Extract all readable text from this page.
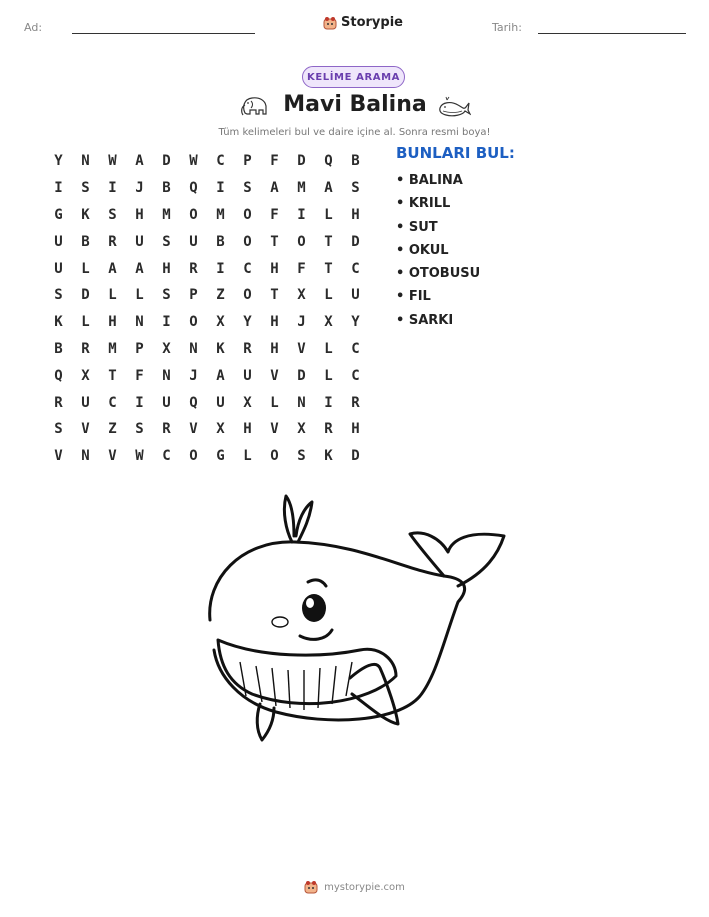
Ad:	Storypie	Tarih:
KELİME ARAMA
Mavi Balina
Tüm kelimeleri bul ve daire içine al. Sonra resmi boya!
Y	N	W	A	D	W	C	P	F	D	Q	B
I	S	I	J	B	Q	I	S	A	M	A	S
G	K	S	H	M	O	M	O	F	I	L	H
U	B	R	U	S	U	B	O	T	O	T	D
U	L	A	A	H	R	I	C	H	F	T	C
S	D	L	L	S	P	Z	O	T	X	L	U
K	L	H	N	I	O	X	Y	H	J	X	Y
B	R	M	P	X	N	K	R	H	V	L	C
Q	X	T	F	N	J	A	U	V	D	L	C
R	U	C	I	U	Q	U	X	L	N	I	R
S	V	Z	S	R	V	X	H	V	X	R	H
V	N	V	W	C	O	G	L	O	S	K	D
BUNLARI BUL:
• BALINA
• KRILL
• SUT
• OKUL
• OTOBUSU
• FIL
• SARKI
mystorypie.com
